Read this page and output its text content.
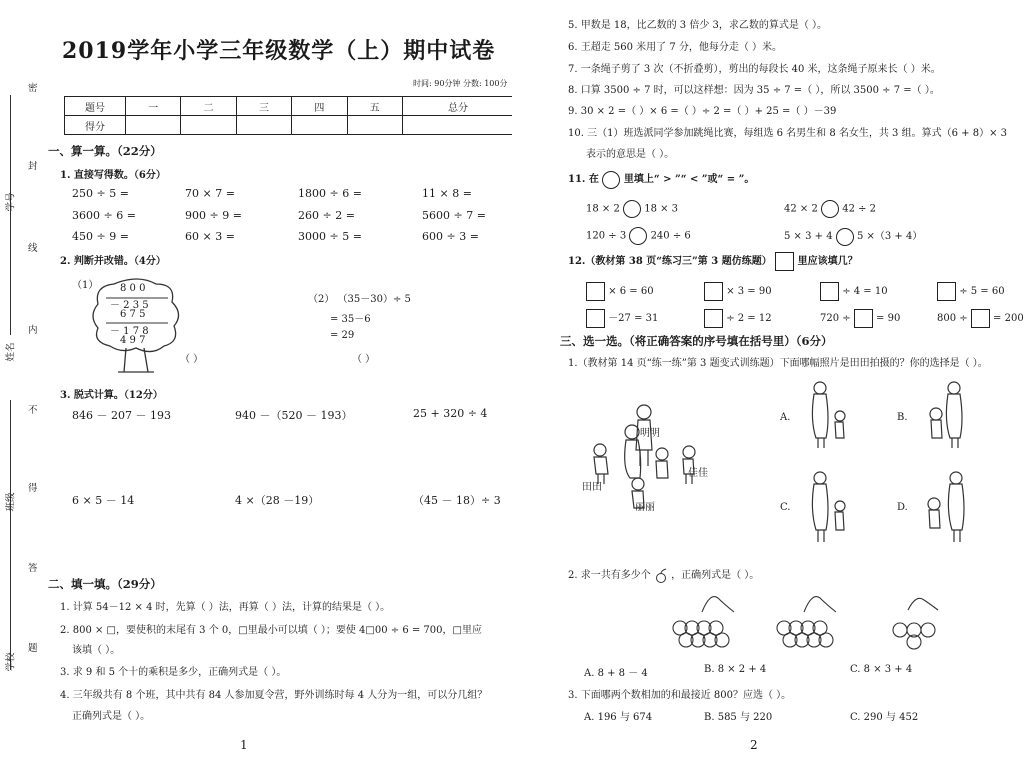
密
封
线
内
不
得
答
题
学号
姓名
班级
学校
2019学年小学三年级数学（上）期中试卷
时间: 90分钟 分数: 100分
题号	一	二	三	四	五	总分
得分						
一、算一算。（22分）
1. 直接写得数。（6分）
250 ÷ 5 =	70 × 7 =	1800 ÷ 6 =	11 × 8 =
3600 ÷ 6 =	900 ÷ 9 =	260 ÷ 2 =	5600 ÷ 7 =
450 ÷ 9 =	60 × 3 =	3000 ÷ 5 =	600 ÷ 3 =
2. 判断并改错。（4分）
（1） 8 0 0
－ 2 3 5
6 7 5
－ 1 7 8
4 9 7
（ ）
（2） （35－30）÷ 5
= 35－6
= 29
（ ）
3. 脱式计算。（12分）
846 － 207 － 193	940 －（520 － 193）	25 + 320 ÷ 4
6 × 5 － 14	4 ×（28 －19）	（45 － 18）÷ 3
二、填一填。（29分）
1. 计算 54－12 × 4 时，先算（ ）法，再算（ ）法，计算的结果是（ ）。
2. 800 × □，要使积的末尾有 3 个 0，□里最小可以填（ ）；要使 4□00 ÷ 6 = 700，□里应
该填（ ）。
3. 求 9 和 5 个十的乘积是多少，正确列式是（ ）。
4. 三年级共有 8 个班，其中共有 84 人参加夏令营，野外训练时每 4 人分为一组，可以分几组？
正确列式是（ ）。
1
5. 甲数是 18，比乙数的 3 倍少 3，求乙数的算式是（ ）。
6. 王超走 560 米用了 7 分，他每分走（ ）米。
7. 一条绳子剪了 3 次（不折叠剪），剪出的每段长 40 米，这条绳子原来长（ ）米。
8. 口算 3500 ÷ 7 时，可以这样想：因为 35 ÷ 7 =（ ），所以 3500 ÷ 7 =（ ）。
9. 30 × 2 =（ ）× 6 =（ ）÷ 2 =（ ）+ 25 =（ ）－39
10. 三（1）班选派同学参加跳绳比赛，每组选 6 名男生和 8 名女生，共 3 组。算式（6 + 8）× 3
表示的意思是（ ）。
11. 在 里填上“ > ”“ < ”或“ = ”。
18 × 2 18 × 3	42 × 2 42 ÷ 2
120 ÷ 3 240 ÷ 6	5 × 3 + 4 5 ×（3 + 4）
12.（教材第 38 页“练习三”第 3 题仿练题）	里应该填几？
× 6 = 60	× 3 = 90	÷ 4 = 10	÷ 5 = 60
－27 = 31	÷ 2 = 12	720 ÷	= 90	800 ÷	= 200
三、选一选。（将正确答案的序号填在括号里）（6分）
1.（教材第 14 页“练一练”第 3 题变式训练题）下面哪幅照片是田田拍摄的？你的选择是（ ）。
明明
田田
佳佳
丽丽
A.	B.
C.	D.
2. 求一共有多少个 ，正确列式是（ ）。
A. 8 + 8 － 4	B. 8 × 2 + 4	C. 8 × 3 + 4
3. 下面哪两个数相加的和最接近 800？应选（ ）。
A. 196 与 674	B. 585 与 220	C. 290 与 452
2
